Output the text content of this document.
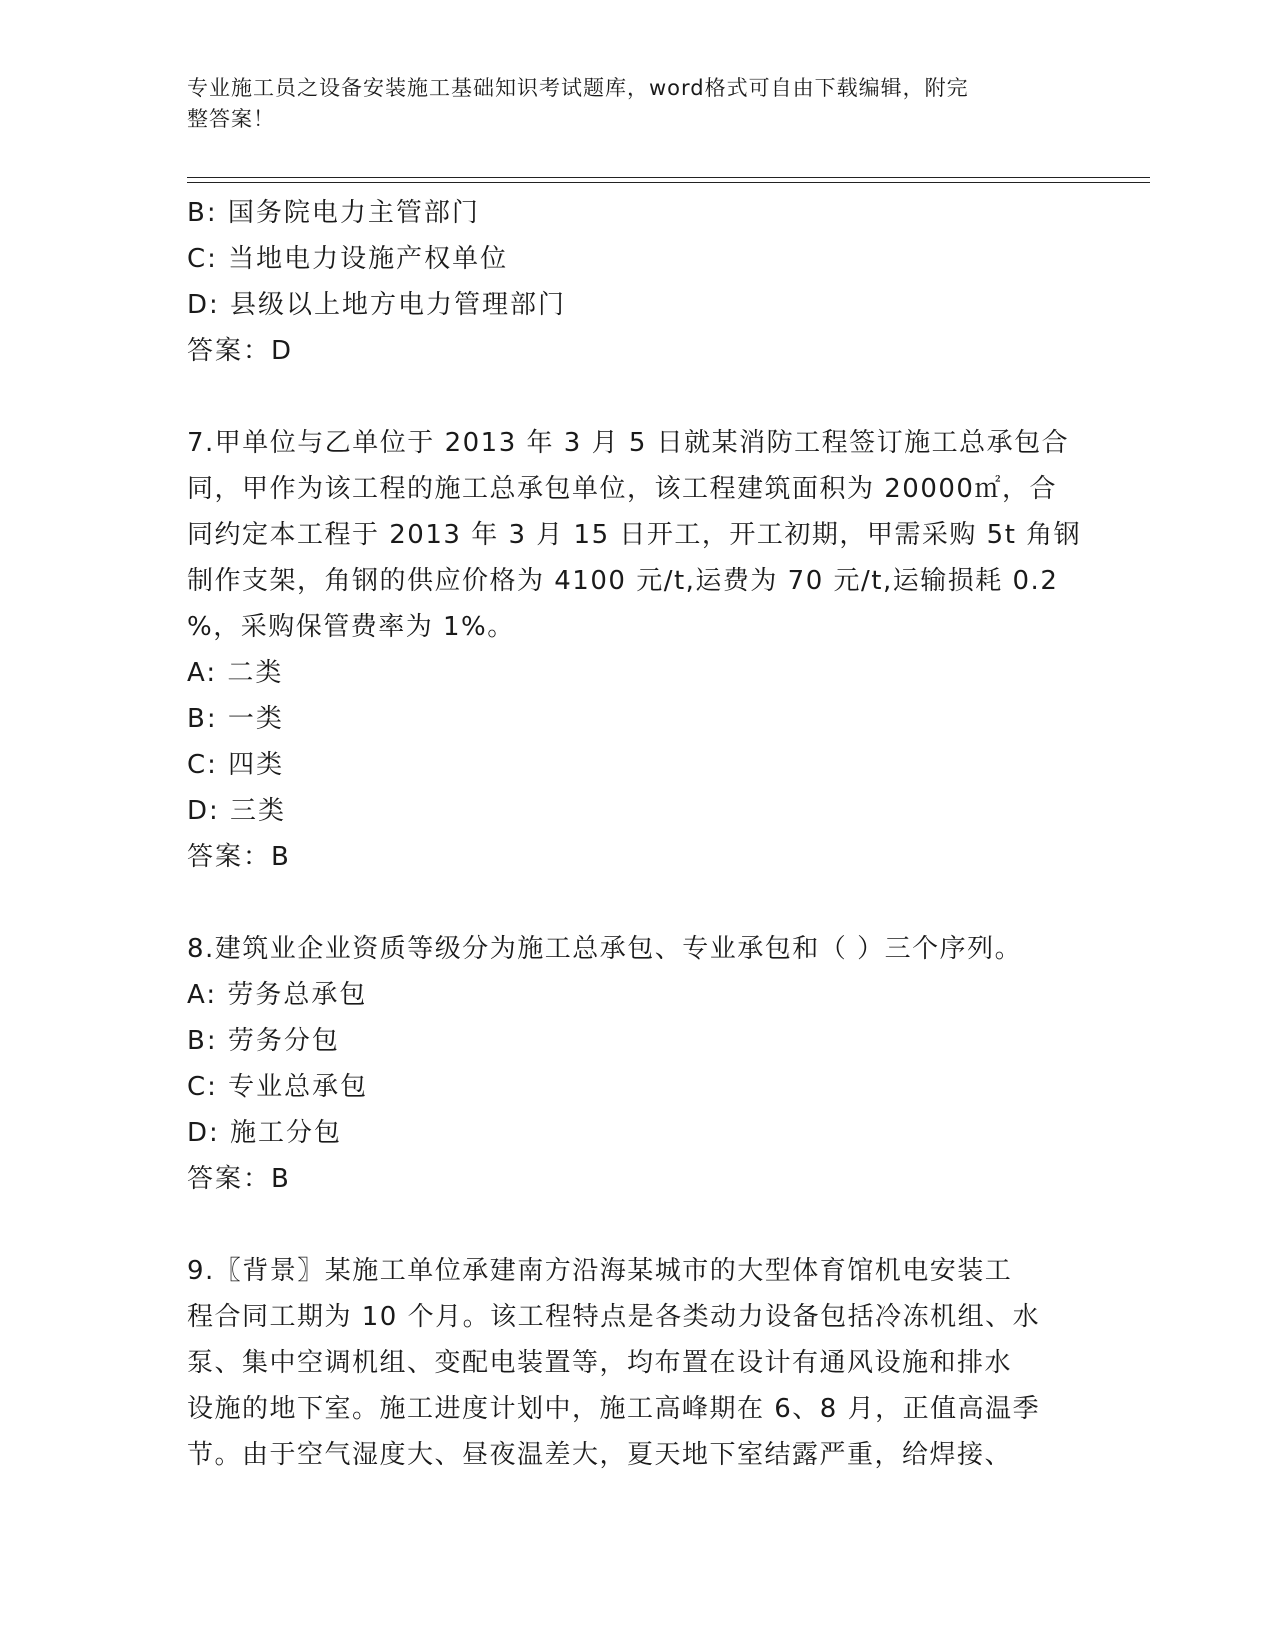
专业施工员之设备安装施工基础知识考试题库，word格式可自由下载编辑，附完
整答案！
B: 国务院电力主管部门
C: 当地电力设施产权单位
D: 县级以上地方电力管理部门
答案：D
7.甲单位与乙单位于 2013 年 3 月 5 日就某消防工程签订施工总承包合
同，甲作为该工程的施工总承包单位，该工程建筑面积为 20000㎡，合
同约定本工程于 2013 年 3 月 15 日开工，开工初期，甲需采购 5t 角钢
制作支架，角钢的供应价格为 4100 元/t,运费为 70 元/t,运输损耗 0.2
%，采购保管费率为 1%。
A: 二类
B: 一类
C: 四类
D: 三类
答案：B
8.建筑业企业资质等级分为施工总承包、专业承包和（ ）三个序列。
A: 劳务总承包
B: 劳务分包
C: 专业总承包
D: 施工分包
答案：B
9.〖背景〗某施工单位承建南方沿海某城市的大型体育馆机电安装工
程合同工期为 10 个月。该工程特点是各类动力设备包括冷冻机组、水
泵、集中空调机组、变配电装置等，均布置在设计有通风设施和排水
设施的地下室。施工进度计划中，施工高峰期在 6、8 月，正值高温季
节。由于空气湿度大、昼夜温差大，夏天地下室结露严重，给焊接、
